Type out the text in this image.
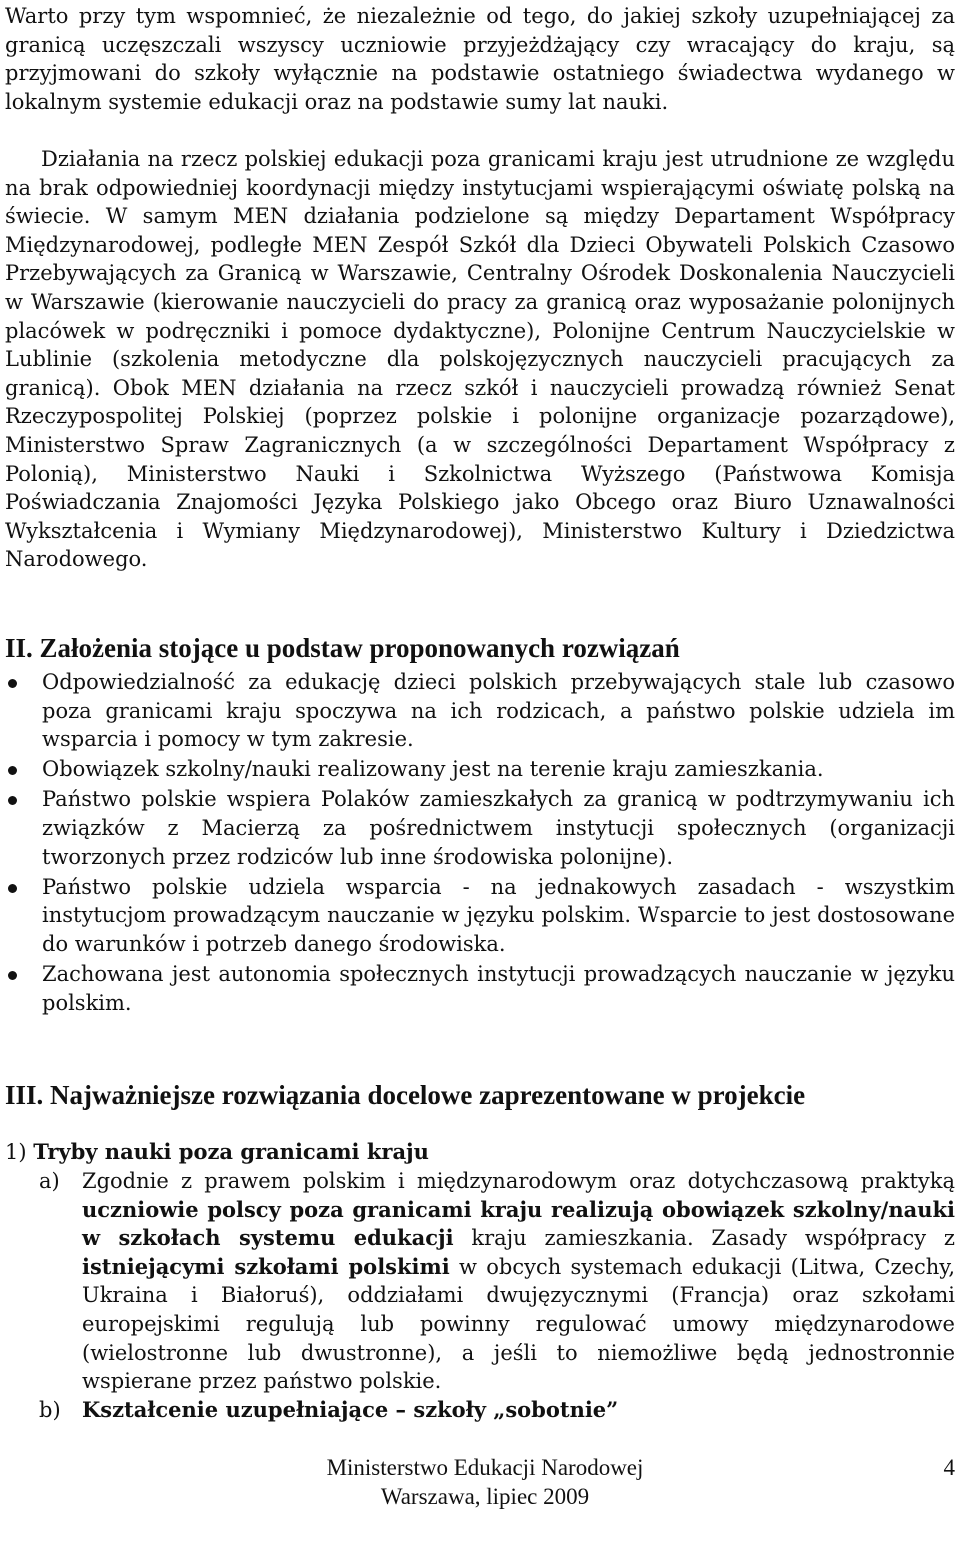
Warto przy tym wspomnieć, że niezależnie od tego, do jakiej szkoły uzupełniającej za granicą uczęszczali wszyscy uczniowie przyjeżdżający czy wracający do kraju, są przyjmowani do szkoły wyłącznie na podstawie ostatniego świadectwa wydanego w lokalnym systemie edukacji oraz na podstawie sumy lat nauki.

Działania na rzecz polskiej edukacji poza granicami kraju jest utrudnione ze względu na brak odpowiedniej koordynacji między instytucjami wspierającymi oświatę polską na świecie. W samym MEN działania podzielone są między Departament Współpracy Międzynarodowej, podległe MEN Zespół Szkół dla Dzieci Obywateli Polskich Czasowo Przebywających za Granicą w Warszawie, Centralny Ośrodek Doskonalenia Nauczycieli w Warszawie (kierowanie nauczycieli do pracy za granicą oraz wyposażanie polonijnych placówek w podręczniki i pomoce dydaktyczne), Polonijne Centrum Nauczycielskie w Lublinie (szkolenia metodyczne dla polskojęzycznych nauczycieli pracujących za granicą). Obok MEN działania na rzecz szkół i nauczycieli prowadzą również Senat Rzeczypospolitej Polskiej (poprzez polskie i polonijne organizacje pozarządowe), Ministerstwo Spraw Zagranicznych (a w szczególności Departament Współpracy z Polonią), Ministerstwo Nauki i Szkolnictwa Wyższego (Państwowa Komisja Poświadczania Znajomości Języka Polskiego jako Obcego oraz Biuro Uznawalności Wykształcenia i Wymiany Międzynarodowej), Ministerstwo Kultury i Dziedzictwa Narodowego.

II. Założenia stojące u podstaw proponowanych rozwiązań
Odpowiedzialność za edukację dzieci polskich przebywających stale lub czasowo poza granicami kraju spoczywa na ich rodzicach, a państwo polskie udziela im wsparcia i pomocy w tym zakresie.
Obowiązek szkolny/nauki realizowany jest na terenie kraju zamieszkania.
Państwo polskie wspiera Polaków zamieszkałych za granicą w podtrzymywaniu ich związków z Macierzą za pośrednictwem instytucji społecznych (organizacji tworzonych przez rodziców lub inne środowiska polonijne).
Państwo polskie udziela wsparcia - na jednakowych zasadach - wszystkim instytucjom prowadzącym nauczanie w języku polskim. Wsparcie to jest dostosowane do warunków i potrzeb danego środowiska.
Zachowana jest autonomia społecznych instytucji prowadzących nauczanie w języku polskim.
III. Najważniejsze rozwiązania docelowe zaprezentowane w projekcie
1) Tryby nauki poza granicami kraju
a) Zgodnie z prawem polskim i międzynarodowym oraz dotychczasową praktyką uczniowie polscy poza granicami kraju realizują obowiązek szkolny/nauki w szkołach systemu edukacji kraju zamieszkania. Zasady współpracy z istniejącymi szkołami polskimi w obcych systemach edukacji (Litwa, Czechy, Ukraina i Białoruś), oddziałami dwujęzycznymi (Francja) oraz szkołami europejskimi regulują lub powinny regulować umowy międzynarodowe (wielostronne lub dwustronne), a jeśli to niemożliwe będą jednostronnie wspierane przez państwo polskie.
b) Kształcenie uzupełniające – szkoły „sobotnie”
Ministerstwo Edukacji Narodowej
Warszawa, lipiec 2009
4
